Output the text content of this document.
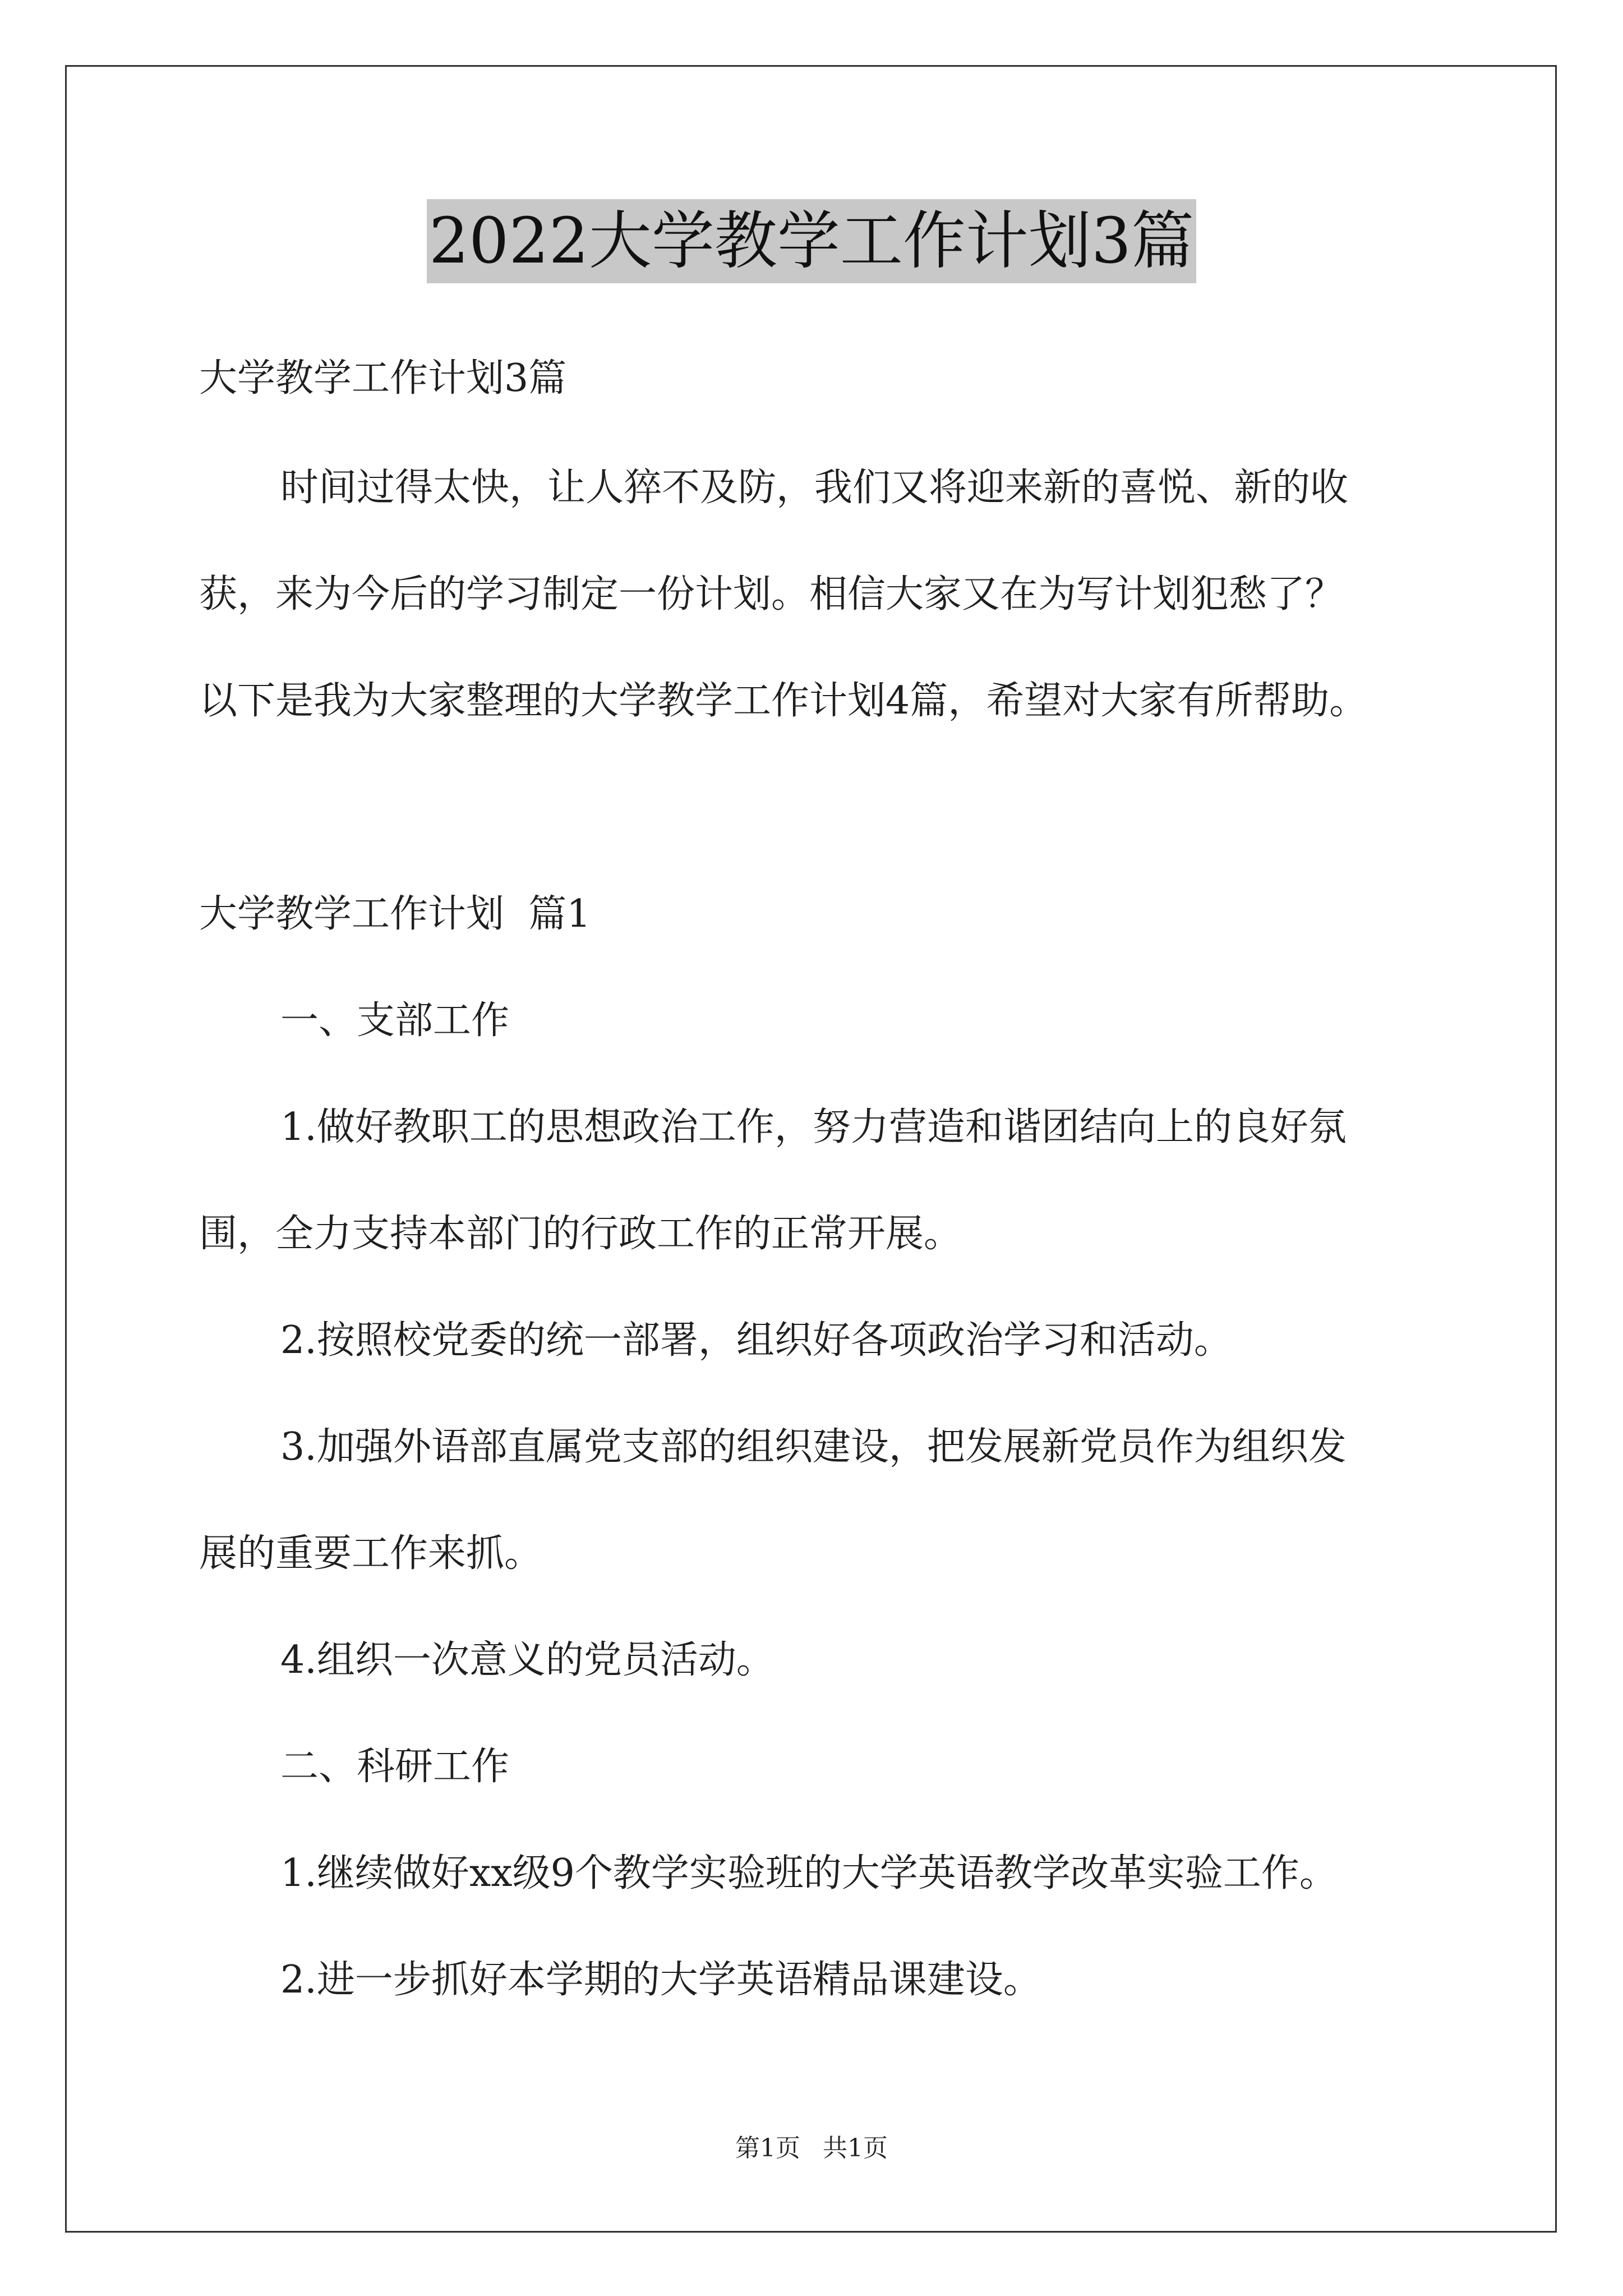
2022大学教学工作计划3篇
大学教学工作计划3篇
时间过得太快，让人猝不及防，我们又将迎来新的喜悦、新的收
获，来为今后的学习制定一份计划。相信大家又在为写计划犯愁了？
以下是我为大家整理的大学教学工作计划4篇，希望对大家有所帮助。
大学教学工作计划  篇1
一、支部工作
1.做好教职工的思想政治工作，努力营造和谐团结向上的良好氛
围，全力支持本部门的行政工作的正常开展。
2.按照校党委的统一部署，组织好各项政治学习和活动。
3.加强外语部直属党支部的组织建设，把发展新党员作为组织发
展的重要工作来抓。
4.组织一次意义的党员活动。
二、科研工作
1.继续做好xx级9个教学实验班的大学英语教学改革实验工作。
2.进一步抓好本学期的大学英语精品课建设。
第1页 共1页
